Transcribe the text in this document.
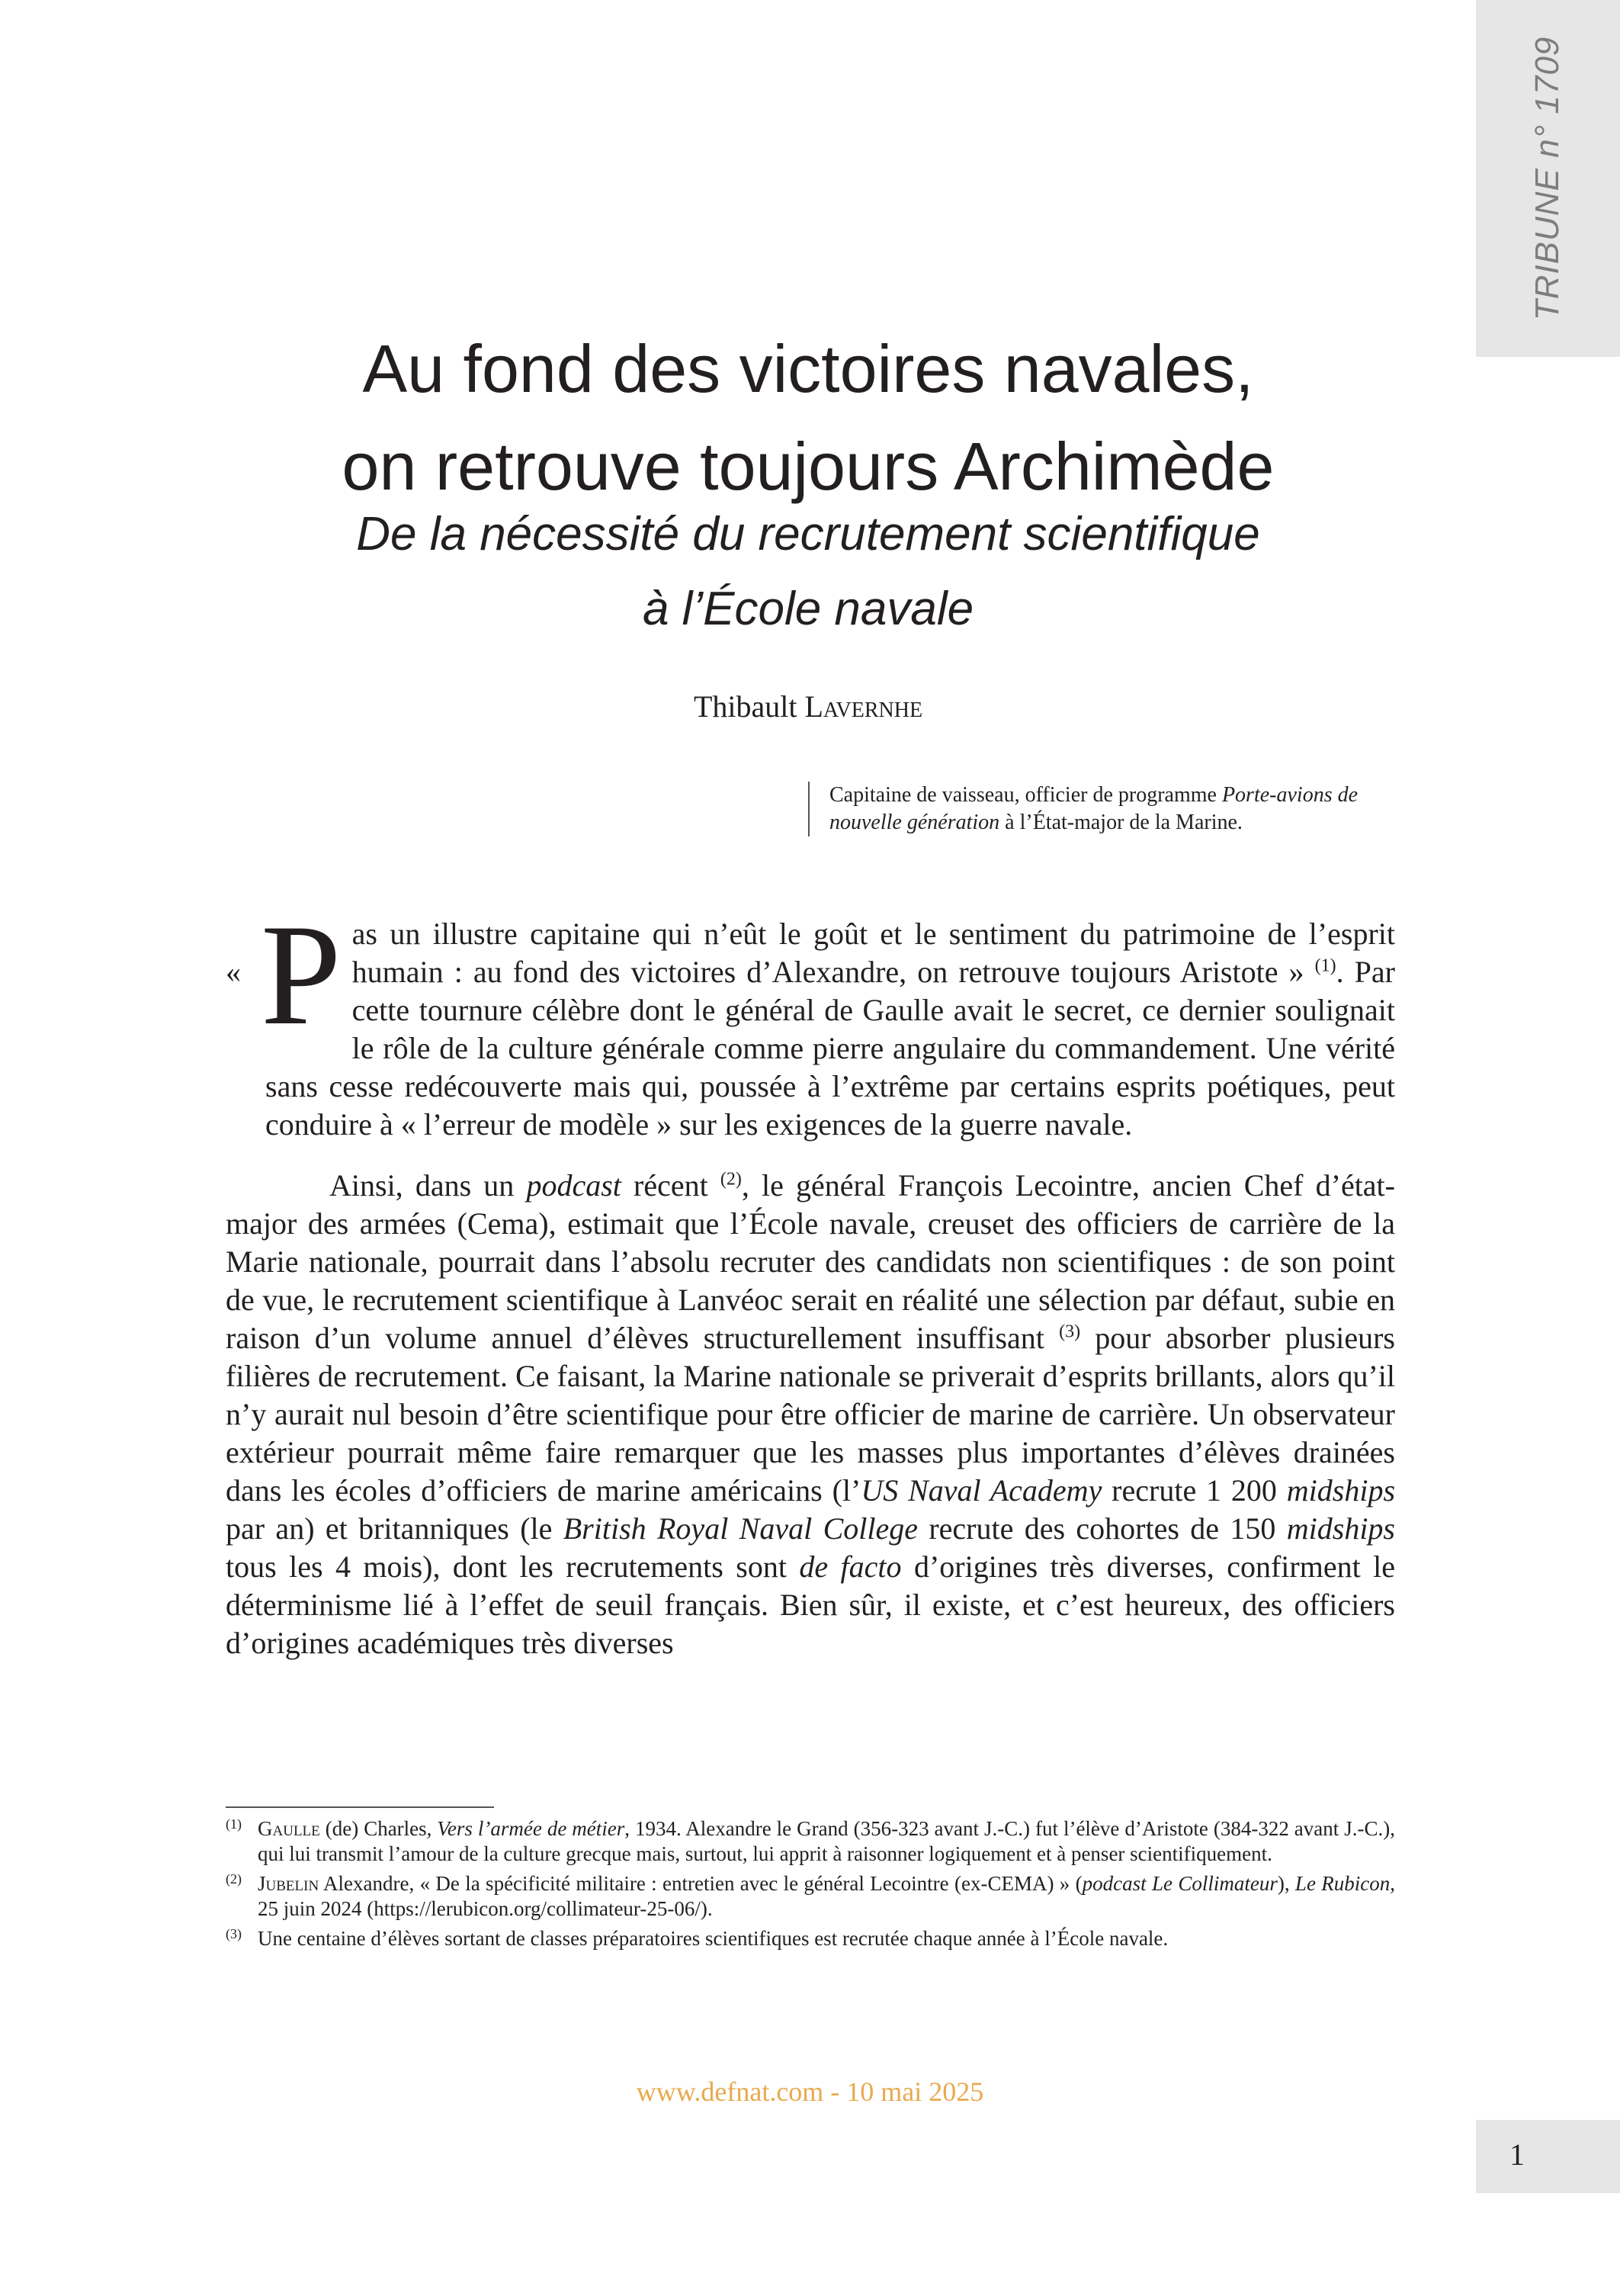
TRIBUNE n° 1709
Au fond des victoires navales,
on retrouve toujours Archimède
De la nécessité du recrutement scientifique
à l’École navale
Thibault Lavernhe
Capitaine de vaisseau, officier de programme Porte-avions de nouvelle génération à l’État-major de la Marine.

« P as un illustre capitaine qui n’eût le goût et le sentiment du patrimoine de l’esprit humain : au fond des victoires d’Alexandre, on retrouve toujours Aristote » $^{(1)}$. Par cette tournure célèbre dont le général de Gaulle avait le secret, ce dernier soulignait le rôle de la culture générale comme pierre angulaire du commandement. Une vérité sans cesse redécouverte mais qui, poussée à l’extrême par certains esprits poétiques, peut conduire à « l’erreur de modèle » sur les exigences de la guerre navale.

Ainsi, dans un podcast récent $^{(2)}$, le général François Lecointre, ancien Chef d’état-major des armées (Cema), estimait que l’École navale, creuset des officiers de carrière de la Marie nationale, pourrait dans l’absolu recruter des candidats non scientifiques : de son point de vue, le recrutement scientifique à Lanvéoc serait en réalité une sélection par défaut, subie en raison d’un volume annuel d’élèves structurellement insuffisant $^{(3)}$ pour absorber plusieurs filières de recrutement. Ce faisant, la Marine nationale se priverait d’esprits brillants, alors qu’il n’y aurait nul besoin d’être scientifique pour être officier de marine de carrière. Un observateur extérieur pourrait même faire remarquer que les masses plus importantes d’élèves drainées dans les écoles d’officiers de marine américains (l’US Naval Academy recrute 1 200 midships par an) et britanniques (le British Royal Naval College recrute des cohortes de 150 midships tous les 4 mois), dont les recrutements sont de facto d’origines très diverses, confirment le déterminisme lié à l’effet de seuil français. Bien sûr, il existe, et c’est heureux, des officiers d’origines académiques très diverses

(1) Gaulle (de) Charles, Vers l’armée de métier, 1934. Alexandre le Grand (356-323 avant J.-C.) fut l’élève d’Aristote (384-322 avant J.-C.), qui lui transmit l’amour de la culture grecque mais, surtout, lui apprit à raisonner logiquement et à penser scientifiquement.
(2) Jubelin Alexandre, « De la spécificité militaire : entretien avec le général Lecointre (ex-CEMA) » (podcast Le Collimateur), Le Rubicon, 25 juin 2024 (https://lerubicon.org/collimateur-25-06/).
(3) Une centaine d’élèves sortant de classes préparatoires scientifiques est recrutée chaque année à l’École navale.
www.defnat.com - 10 mai 2025
1
